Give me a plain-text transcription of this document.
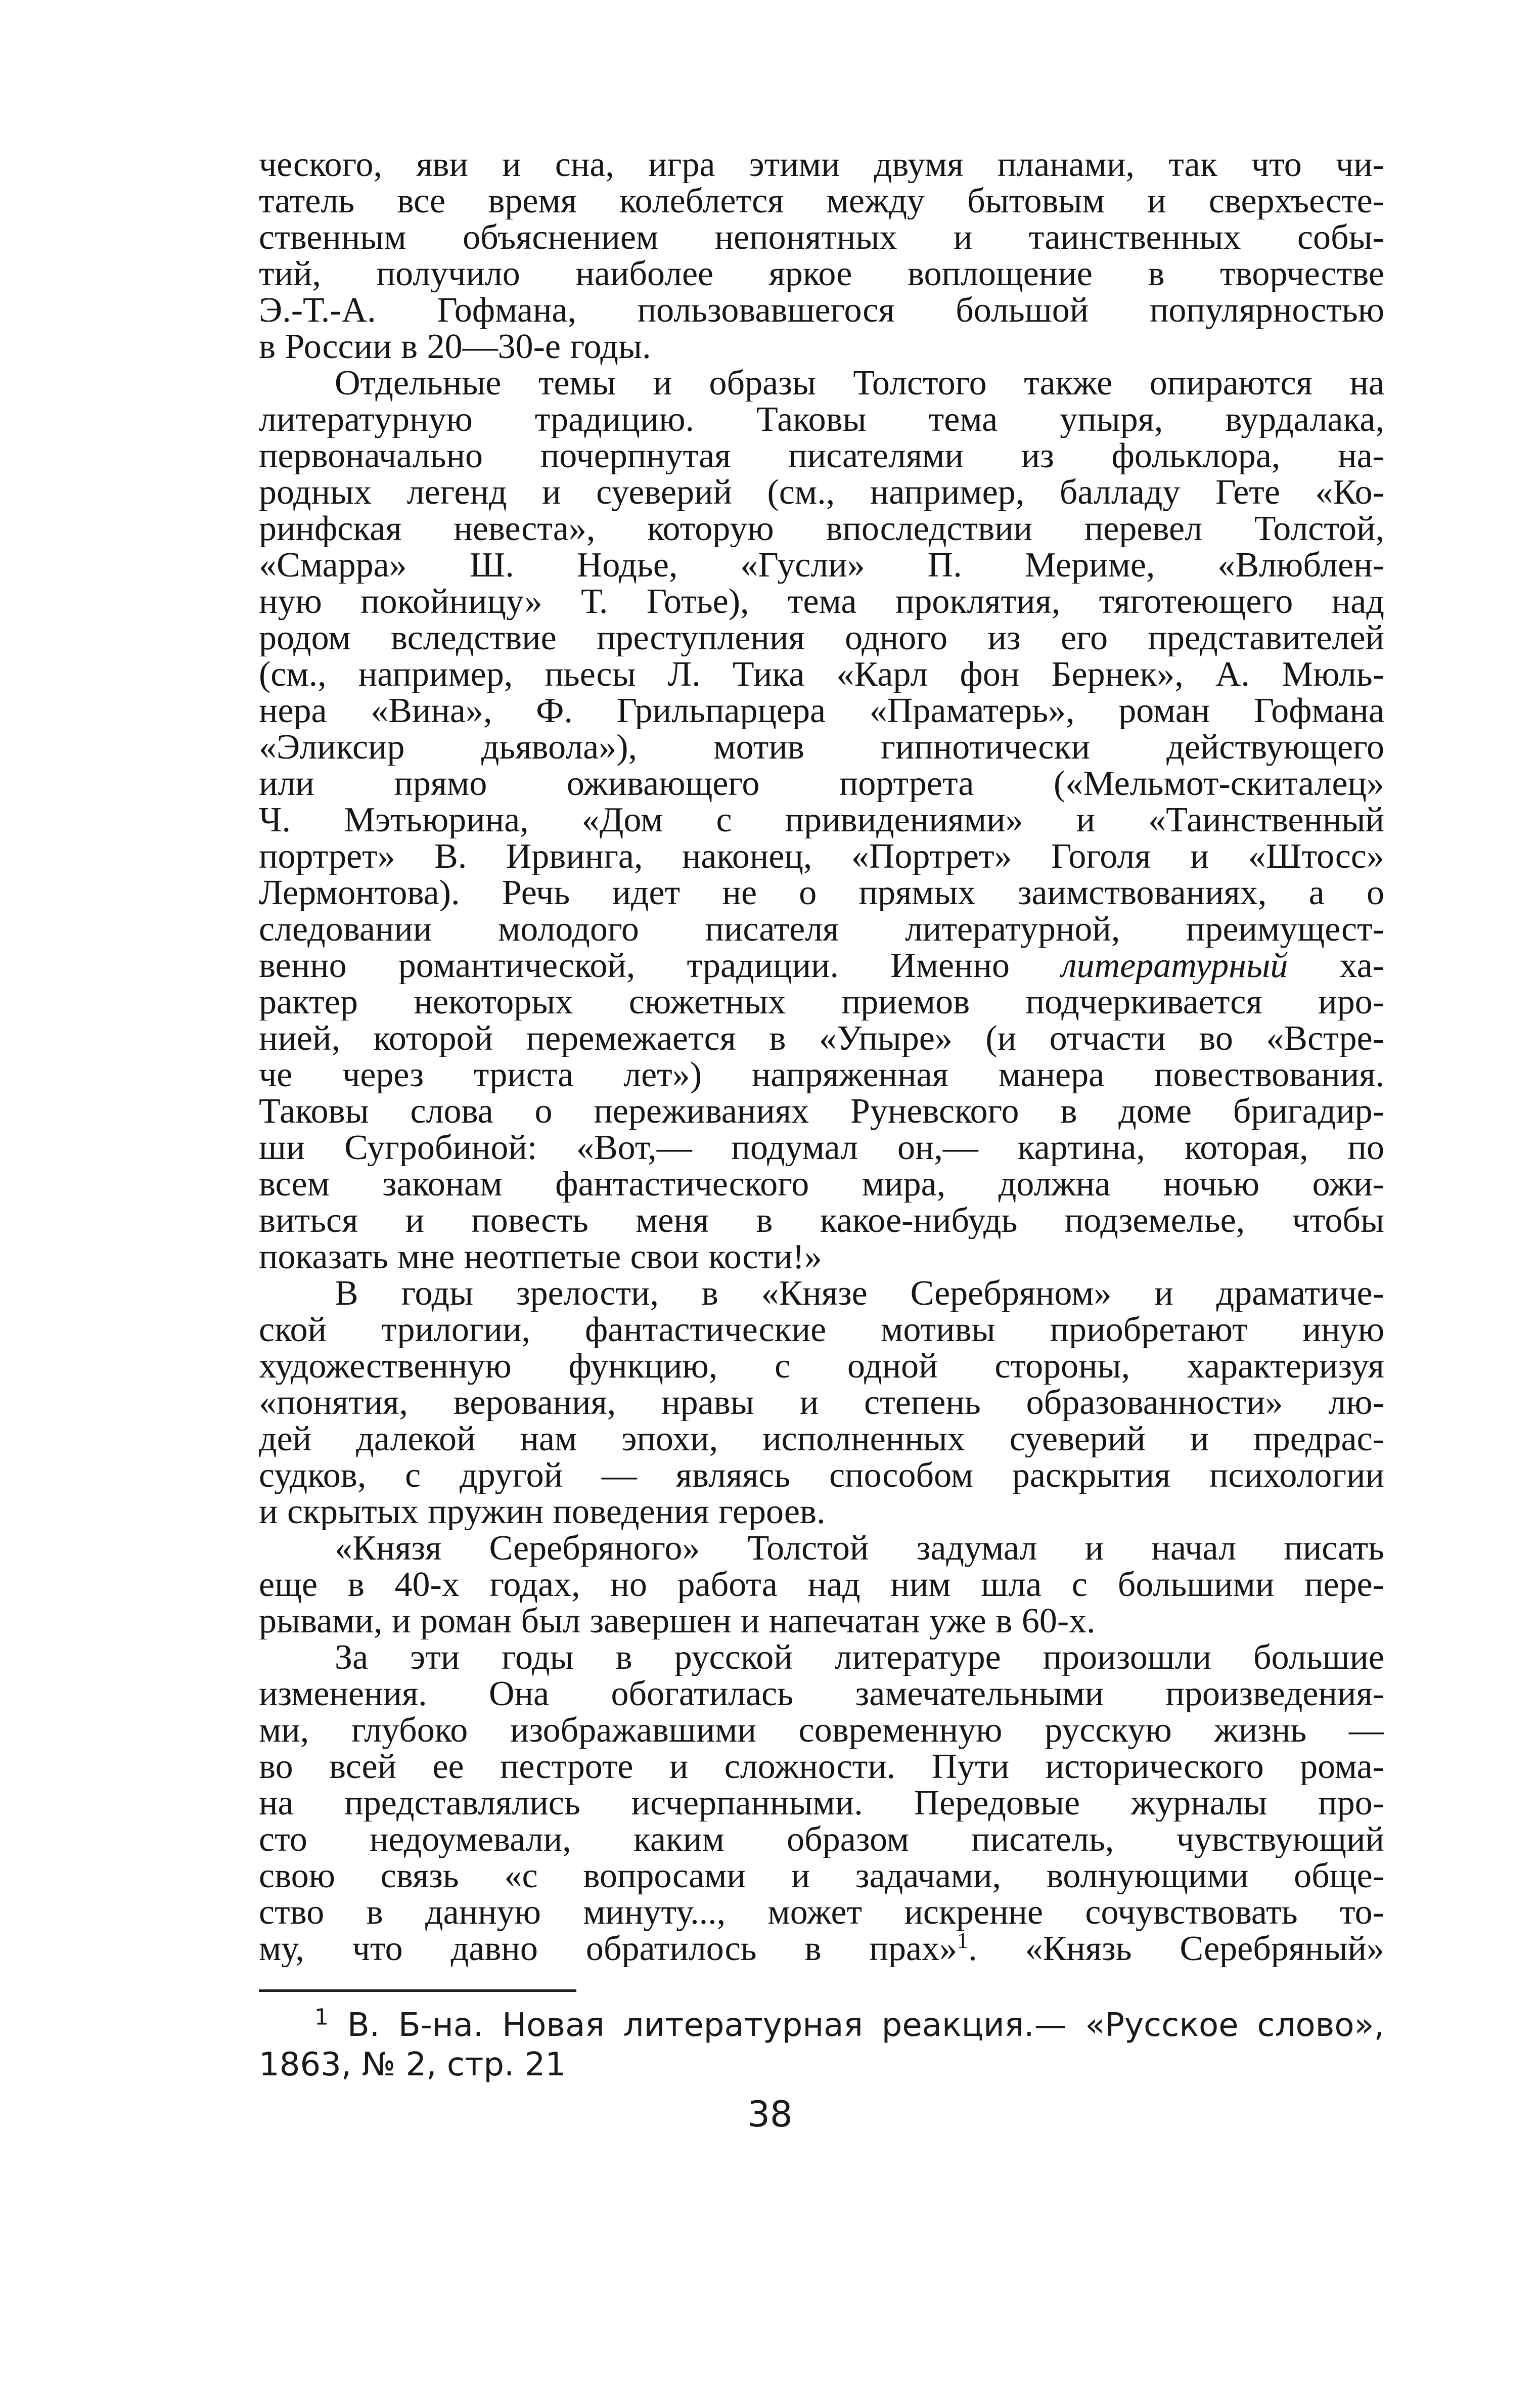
ческого, яви и сна, игра этими двумя планами, так что чи-
татель все время колеблется между бытовым и сверхъесте-
ственным объяснением непонятных и таинственных собы-
тий, получило наиболее яркое воплощение в творчестве
Э.-Т.-А. Гофмана, пользовавшегося большой популярностью
в России в 20—30-е годы.
Отдельные темы и образы Толстого также опираются на
литературную традицию. Таковы тема упыря, вурдалака,
первоначально почерпнутая писателями из фольклора, на-
родных легенд и суеверий (см., например, балладу Гете «Ко-
ринфская невеста», которую впоследствии перевел Толстой,
«Смарра» Ш. Нодье, «Гусли» П. Мериме, «Влюблен-
ную покойницу» Т. Готье), тема проклятия, тяготеющего над
родом вследствие преступления одного из его представителей
(см., например, пьесы Л. Тика «Карл фон Бернек», А. Мюль-
нера «Вина», Ф. Грильпарцера «Праматерь», роман Гофмана
«Эликсир дьявола»), мотив гипнотически действующего
или прямо оживающего портрета («Мельмот-скиталец»
Ч. Мэтьюрина, «Дом с привидениями» и «Таинственный
портрет» В. Ирвинга, наконец, «Портрет» Гоголя и «Штосс»
Лермонтова). Речь идет не о прямых заимствованиях, а о
следовании молодого писателя литературной, преимущест-
венно романтической, традиции. Именно литературный ха-
рактер некоторых сюжетных приемов подчеркивается иро-
нией, которой перемежается в «Упыре» (и отчасти во «Встре-
че через триста лет») напряженная манера повествования.
Таковы слова о переживаниях Руневского в доме бригадир-
ши Сугробиной: «Вот,— подумал он,— картина, которая, по
всем законам фантастического мира, должна ночью ожи-
виться и повесть меня в какое-нибудь подземелье, чтобы
показать мне неотпетые свои кости!»
В годы зрелости, в «Князе Серебряном» и драматиче-
ской трилогии, фантастические мотивы приобретают иную
художественную функцию, с одной стороны, характеризуя
«понятия, верования, нравы и степень образованности» лю-
дей далекой нам эпохи, исполненных суеверий и предрас-
судков, с другой — являясь способом раскрытия психологии
и скрытых пружин поведения героев.
«Князя Серебряного» Толстой задумал и начал писать
еще в 40-х годах, но работа над ним шла с большими пере-
рывами, и роман был завершен и напечатан уже в 60-х.
За эти годы в русской литературе произошли большие
изменения. Она обогатилась замечательными произведения-
ми, глубоко изображавшими современную русскую жизнь —
во всей ее пестроте и сложности. Пути исторического рома-
на представлялись исчерпанными. Передовые журналы про-
сто недоумевали, каким образом писатель, чувствующий
свою связь «с вопросами и задачами, волнующими обще-
ство в данную минуту..., может искренне сочувствовать то-
му, что давно обратилось в прах»$^1$. «Князь Серебряный»
$^1$ В. Б-на. Новая литературная реакция.— «Русское слово»,
1863, № 2, стр. 21
38
